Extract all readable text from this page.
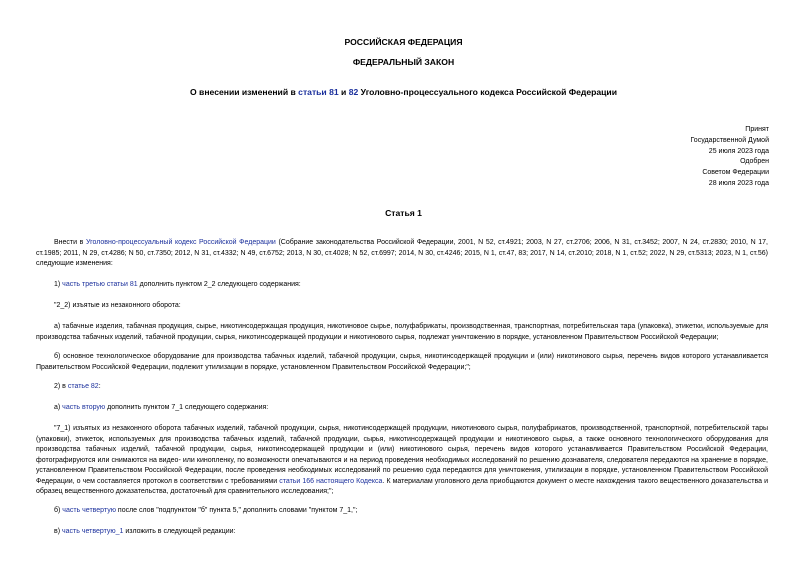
РОССИЙСКАЯ ФЕДЕРАЦИЯ
ФЕДЕРАЛЬНЫЙ ЗАКОН
О внесении изменений в статьи 81 и 82 Уголовно-процессуального кодекса Российской Федерации
Принят
Государственной Думой
25 июля 2023 года
Одобрен
Советом Федерации
28 июля 2023 года
Статья 1
Внести в Уголовно-процессуальный кодекс Российской Федерации (Собрание законодательства Российской Федерации, 2001, N 52, ст.4921; 2003, N 27, ст.2706; 2006, N 31, ст.3452; 2007, N 24, ст.2830; 2010, N 17, ст.1985; 2011, N 29, ст.4286; N 50, ст.7350; 2012, N 31, ст.4332; N 49, ст.6752; 2013, N 30, ст.4028; N 52, ст.6997; 2014, N 30, ст.4246; 2015, N 1, ст.47, 83; 2017, N 14, ст.2010; 2018, N 1, ст.52; 2022, N 29, ст.5313; 2023, N 1, ст.56) следующие изменения:
1) часть третью статьи 81 дополнить пунктом 2_2 следующего содержания:
"2_2) изъятые из незаконного оборота:
а) табачные изделия, табачная продукция, сырье, никотинсодержащая продукция, никотиновое сырье, полуфабрикаты, производственная, транспортная, потребительская тара (упаковка), этикетки, используемые для производства табачных изделий, табачной продукции, сырья, никотинсодержащей продукции и никотинового сырья, подлежат уничтожению в порядке, установленном Правительством Российской Федерации;
б) основное технологическое оборудование для производства табачных изделий, табачной продукции, сырья, никотинсодержащей продукции и (или) никотинового сырья, перечень видов которого устанавливается Правительством Российской Федерации, подлежит утилизации в порядке, установленном Правительством Российской Федерации;";
2) в статье 82:
а) часть вторую дополнить пунктом 7_1 следующего содержания:
"7_1) изъятых из незаконного оборота табачных изделий, табачной продукции, сырья, никотинсодержащей продукции, никотинового сырья, полуфабрикатов, производственной, транспортной, потребительской тары (упаковки), этикеток, используемых для производства табачных изделий, табачной продукции, сырья, никотинсодержащей продукции и никотинового сырья, а также основного технологического оборудования для производства табачных изделий, табачной продукции, сырья, никотинсодержащей продукции и (или) никотинового сырья, перечень видов которого устанавливается Правительством Российской Федерации, фотографируются или снимаются на видео- или кинопленку, по возможности опечатываются и на период проведения необходимых исследований по решению дознавателя, следователя передаются на хранение в порядке, установленном Правительством Российской Федерации, после проведения необходимых исследований по решению суда передаются для уничтожения, утилизации в порядке, установленном Правительством Российской Федерации, о чем составляется протокол в соответствии с требованиями статьи 166 настоящего Кодекса. К материалам уголовного дела приобщаются документ о месте нахождения такого вещественного доказательства и образец вещественного доказательства, достаточный для сравнительного исследования;";
б) часть четвертую после слов "подпунктом "б" пункта 5," дополнить словами "пунктом 7_1,";
в) часть четвертую_1 изложить в следующей редакции:
